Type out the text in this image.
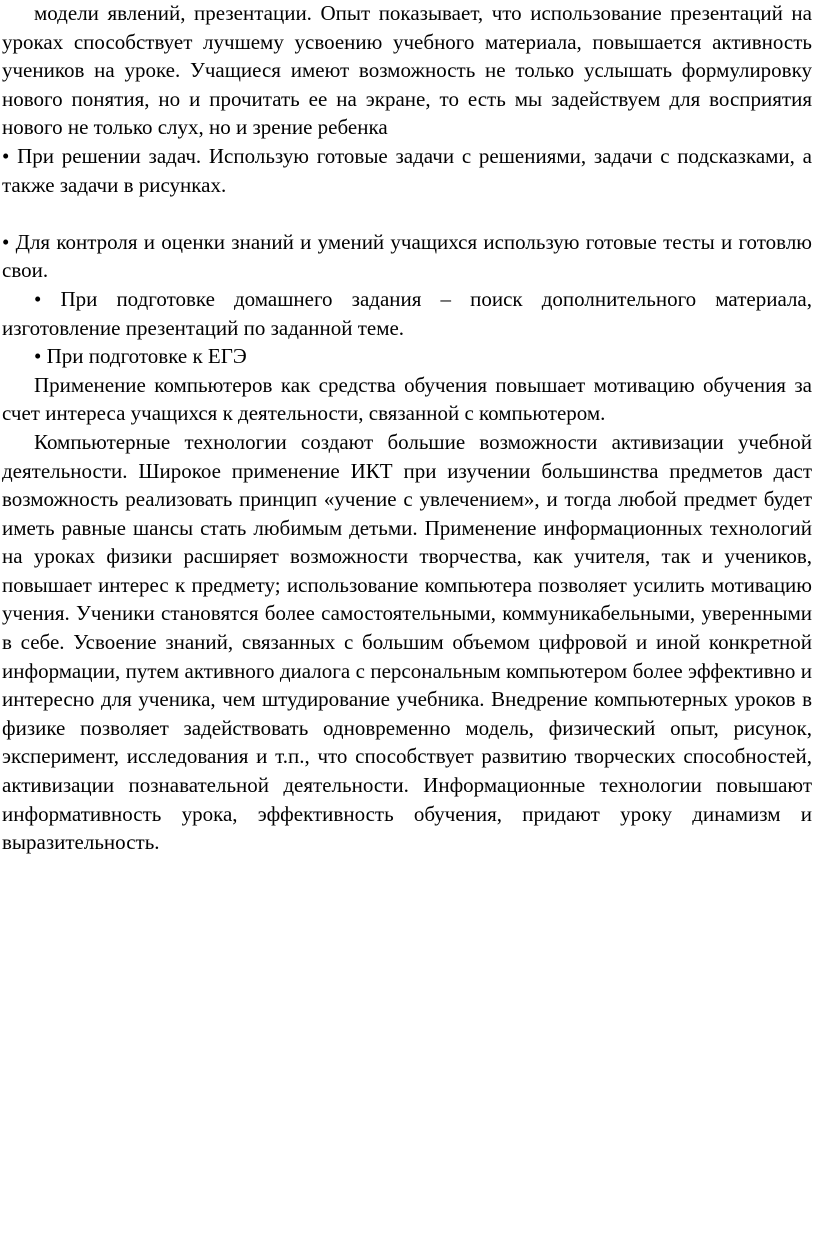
модели явлений, презентации. Опыт показывает, что использование презентаций на уроках способствует лучшему усвоению учебного материала, повышается активность учеников на уроке. Учащиеся имеют возможность не только услышать формулировку нового понятия, но и прочитать ее на экране, то есть мы задействуем для восприятия нового не только слух, но и зрение ребенка

• При решении задач. Использую готовые задачи с решениями, задачи с подсказками, а также задачи в рисунках.

• Для контроля и оценки знаний и умений учащихся использую готовые тесты и готовлю свои.

• При подготовке домашнего задания – поиск дополнительного материала, изготовление презентаций по заданной теме.

• При подготовке к ЕГЭ

Применение компьютеров как средства обучения повышает мотивацию обучения за счет интереса учащихся к деятельности, связанной с компьютером.

Компьютерные технологии создают большие возможности активизации учебной деятельности. Широкое применение ИКТ при изучении большинства предметов даст возможность реализовать принцип «учение с увлечением», и тогда любой предмет будет иметь равные шансы стать любимым детьми. Применение информационных технологий на уроках физики расширяет возможности творчества, как учителя, так и учеников, повышает интерес к предмету; использование компьютера позволяет усилить мотивацию учения. Ученики становятся более самостоятельными, коммуникабельными, уверенными в себе. Усвоение знаний, связанных с большим объемом цифровой и иной конкретной информации, путем активного диалога с персональным компьютером более эффективно и интересно для ученика, чем штудирование учебника. Внедрение компьютерных уроков в физике позволяет задействовать одновременно модель, физический опыт, рисунок, эксперимент, исследования и т.п., что способствует развитию творческих способностей, активизации познавательной деятельности. Информационные технологии повышают информативность урока, эффективность обучения, придают уроку динамизм и выразительность.
